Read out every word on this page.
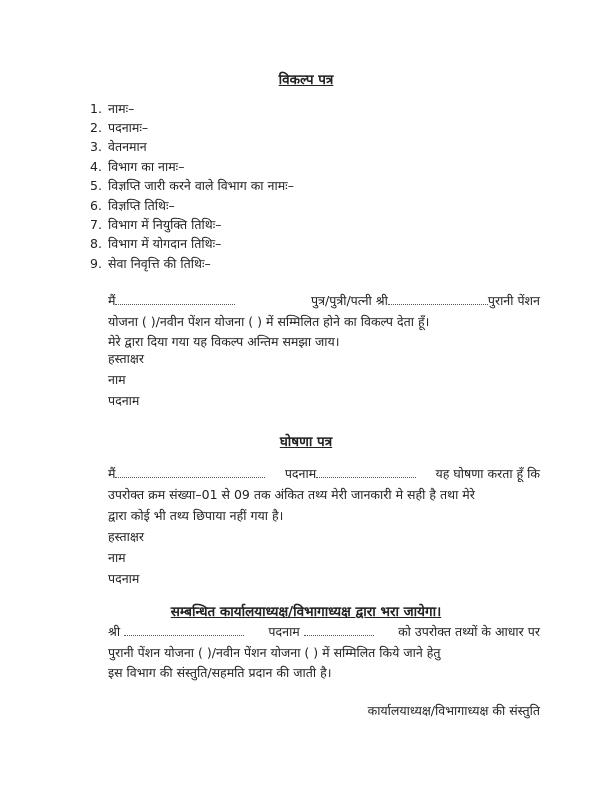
विकल्प पत्र
1. नामः–
2. पदनामः–
3. वेतनमान
4. विभाग का नामः–
5. विज्ञप्ति जारी करने वाले विभाग का नामः–
6. विज्ञप्ति तिथिः–
7. विभाग में नियुक्ति तिथिः–
8. विभाग में योगदान तिथिः–
9. सेवा निवृत्ति की तिथिः–
मैं	पुत्र/पुत्री/पत्नी श्री	पुरानी पेंशन
योजना ( )/नवीन पेंशन योजना ( ) में सम्मिलित होने का विकल्प देता हूँ।
मेरे द्वारा दिया गया यह विकल्प अन्तिम समझा जाय।
हस्ताक्षर
नाम
पदनाम
घोषणा पत्र
मैं	पदनाम	यह घोषणा करता हूँ कि
उपरोक्त क्रम संख्या–01 से 09 तक अंकित तथ्य मेरी जानकारी मे सही है तथा मेरे
द्वारा कोई भी तथ्य छिपाया नहीं गया है।
हस्ताक्षर
नाम
पदनाम
सम्बन्धित कार्यालयाध्यक्ष/विभागाध्यक्ष द्वारा भरा जायेगा।
श्री	पदनाम	को उपरोक्त तथ्यों के आधार पर
पुरानी पेंशन योजना ( )/नवीन पेंशन योजना ( ) में सम्मिलित किये जाने हेतु
इस विभाग की संस्तुति/सहमति प्रदान की जाती है।
कार्यालयाध्यक्ष/विभागाध्यक्ष की संस्तुति
